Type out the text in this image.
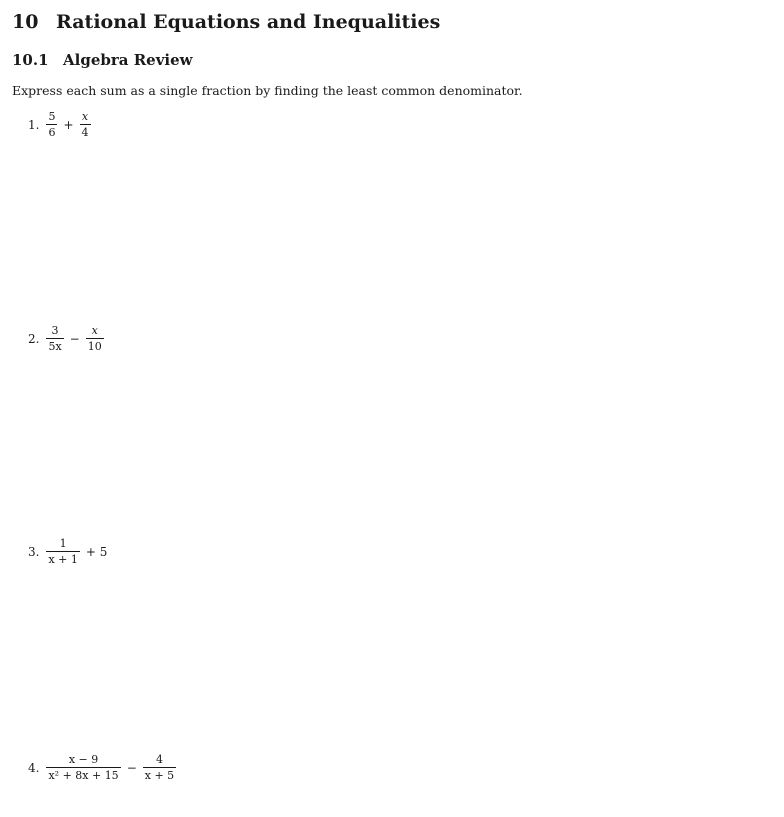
10 Rational Equations and Inequalities
10.1 Algebra Review
Express each sum as a single fraction by finding the least common denominator.
1. $\frac{5}{6} + \frac{x}{4}$
2. $\frac{3}{5x} - \frac{x}{10}$
3. $\frac{1}{x + 1} + 5$
4. $\frac{x - 9}{\text{x² + 8x + 15}} - \frac{4}{x + 5}$
